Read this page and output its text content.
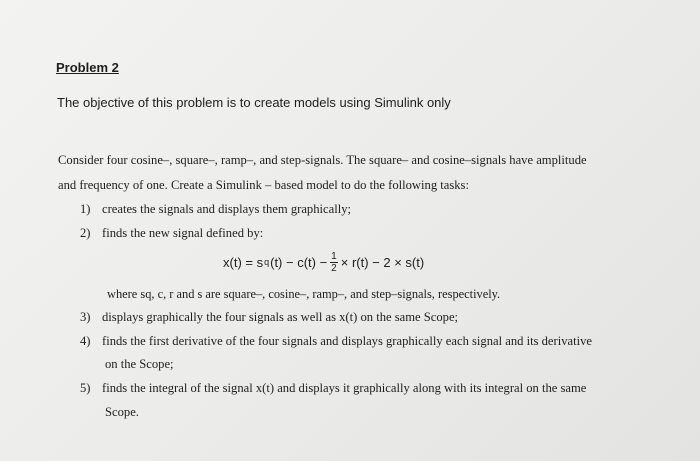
Problem 2
The objective of this problem is to create models using Simulink only
Consider four cosine–, square–, ramp–, and step-signals. The square– and cosine–signals have amplitude
and frequency of one. Create a Simulink – based model to do the following tasks:
1) creates the signals and displays them graphically;
2) finds the new signal defined by:
x(t) = s q $(t) - c(t) - \frac{1}{2} \times r(t) - 2 \times s(t)$
where sq, c, r and s are square–, cosine–, ramp–, and step–signals, respectively.
3) displays graphically the four signals as well as x(t) on the same Scope;
4) finds the first derivative of the four signals and displays graphically each signal and its derivative
on the Scope;
5) finds the integral of the signal x(t) and displays it graphically along with its integral on the same
Scope.
